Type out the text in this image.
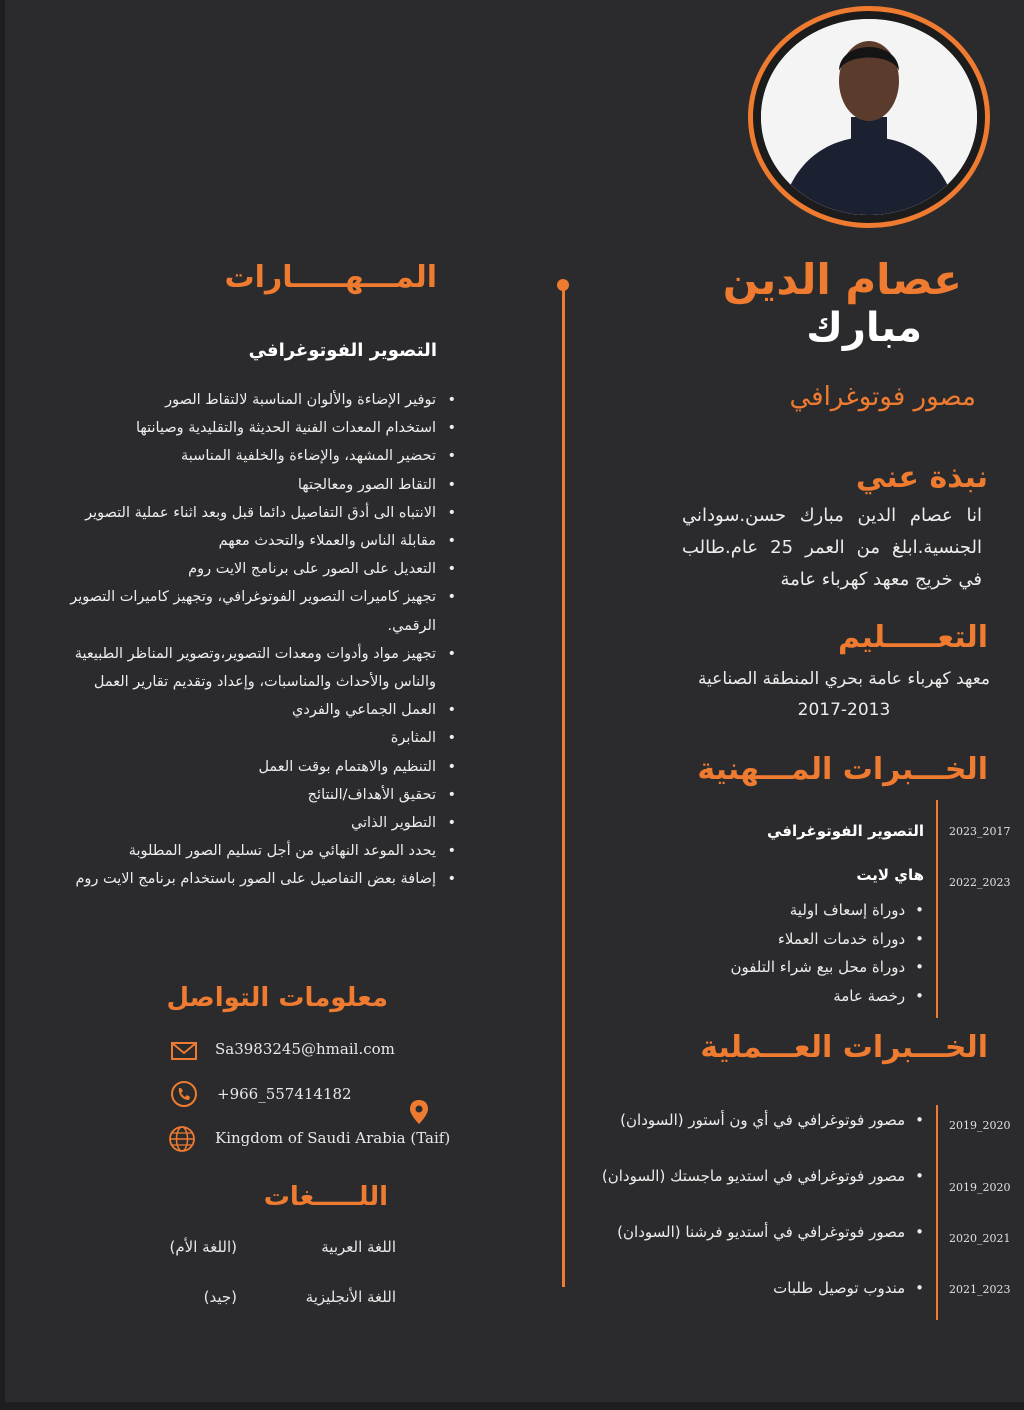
عصام الدين
مبارك
مصور فوتوغرافي
نبذة عني
انا عصام الدين مبارك حسن.سوداني الجنسية.ابلغ من العمر 25 عام.طالب في خريج معهد كهرباء عامة
التعـــــليم
معهد كهرباء عامة بحري المنطقة الصناعية
2017-2013
الخـــبرات المـــهنية
2023_2017
التصوير الفوتوغرافي
2022_2023
هاي لايت
• دوراة إسعاف اولية
• دوراة خدمات العملاء
• دوراة محل بيع شراء التلفون
• رخصة عامة
الخـــبرات العـــملية
2019_2020
• مصور فوتوغرافي في أي ون أستور (السودان)
2019_2020
• مصور فوتوغرافي في استديو ماجستك (السودان)
2020_2021
• مصور فوتوغرافي في أستديو فرشنا (السودان)
2021_2023
• مندوب توصيل طلبات
المـــهـــــارات
التصوير الفوتوغرافي
• توفير الإضاءة والألوان المناسبة لالتقاط الصور
• استخدام المعدات الفنية الحديثة والتقليدية وصيانتها
• تحضير المشهد، والإضاءة والخلفية المناسبة
• التقاط الصور ومعالجتها
• الانتباه الى أدق التفاصيل دائما قبل وبعد اثناء عملية التصوير
• مقابلة الناس والعملاء والتحدث معهم
• التعديل على الصور على برنامج الايت روم
• تجهيز كاميرات التصوير الفوتوغرافي، وتجهيز كاميرات التصوير الرقمي.
• تجهيز مواد وأدوات ومعدات التصوير،وتصوير المناظر الطبيعية والناس والأحداث والمناسبات، وإعداد وتقديم تقارير العمل
• العمل الجماعي والفردي
• المثابرة
• التنظيم والاهتمام بوقت العمل
• تحقيق الأهداف/النتائج
• التطوير الذاتي
• يحدد الموعد النهائي من أجل تسليم الصور المطلوبة
• إضافة بعض التفاصيل على الصور باستخدام برنامج الايت روم
معلومات التواصل
Sa3983245@hmail.com
+966_557414182
Kingdom of Saudi Arabia (Taif)
اللـــــغات
اللغة العربية
(اللغة الأم)
اللغة الأنجليزية
(جيد)
